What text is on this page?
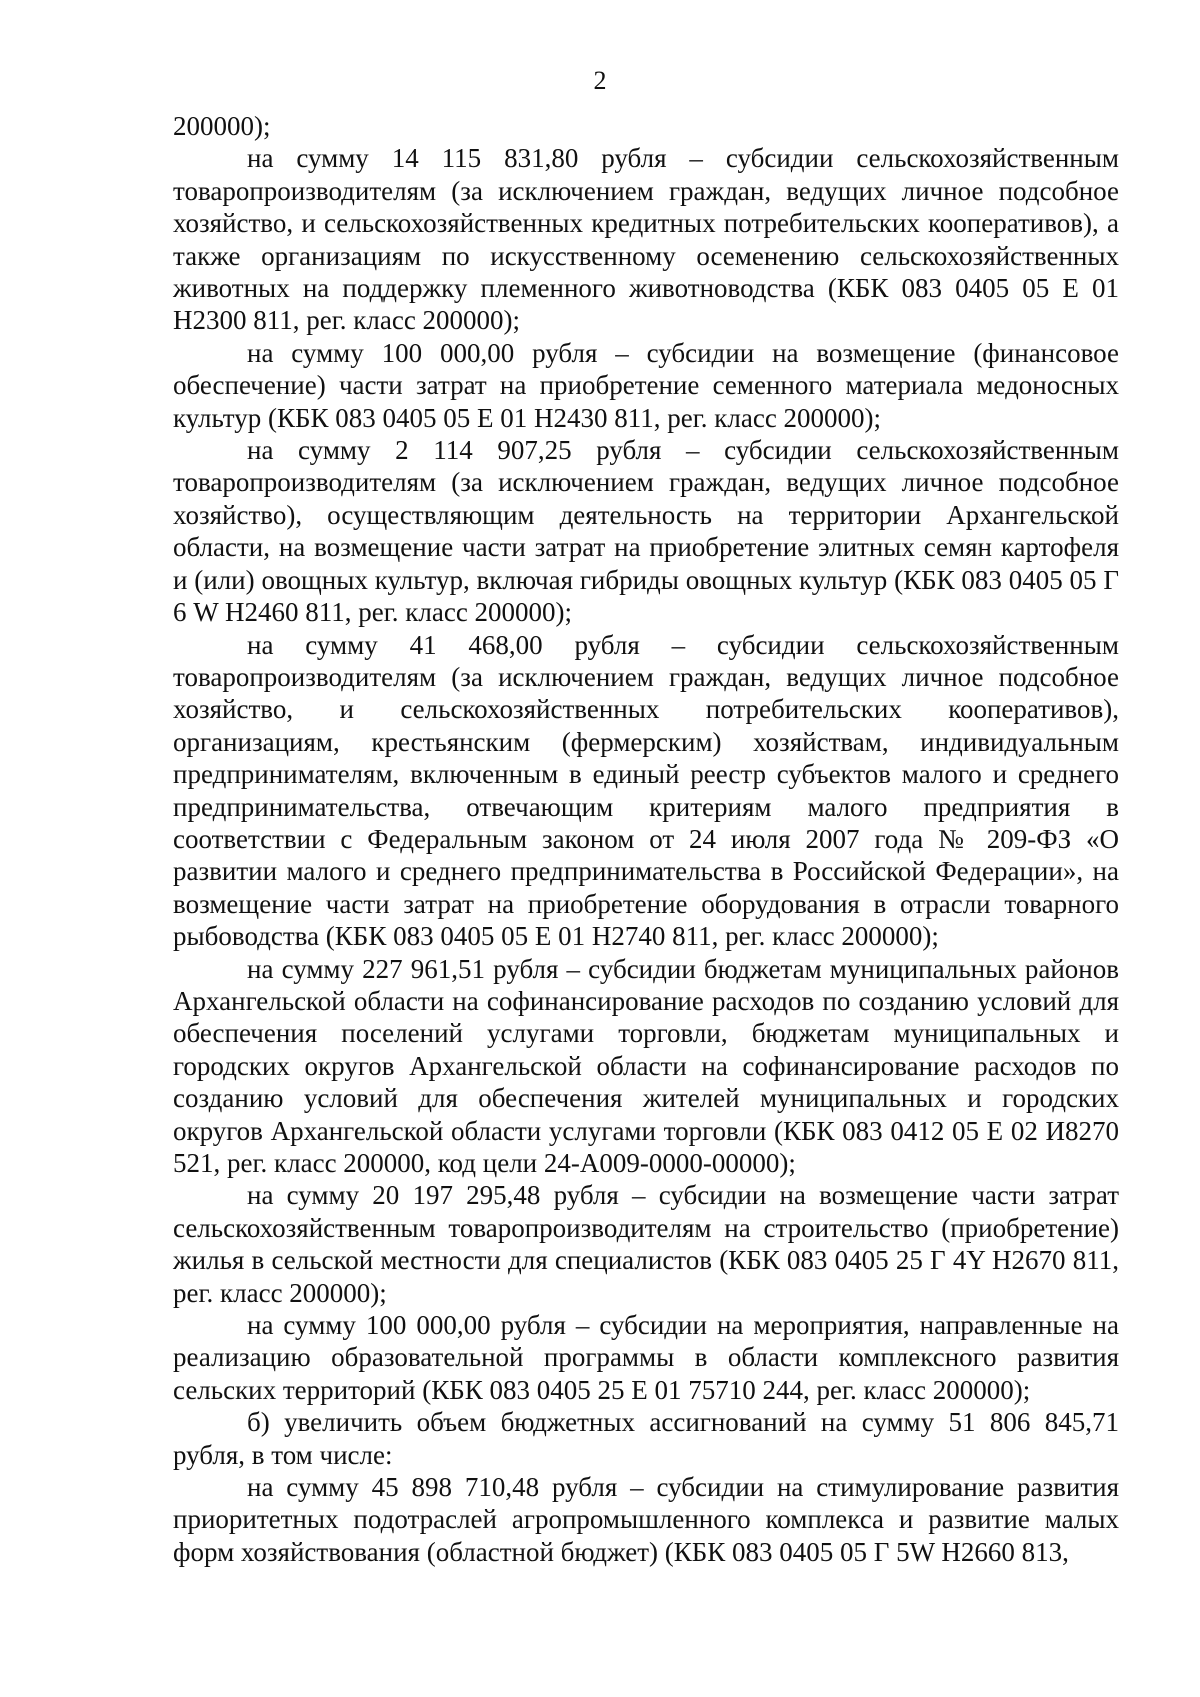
2

200000);

на сумму 14 115 831,80 рубля – субсидии сельскохозяйственным товаропроизводителям (за исключением граждан, ведущих личное подсобное хозяйство, и сельскохозяйственных кредитных потребительских кооперативов), а также организациям по искусственному осеменению сельскохозяйственных животных на поддержку племенного животноводства (КБК 083 0405 05 Е 01 Н2300 811, рег. класс 200000);

на сумму 100 000,00 рубля – субсидии на возмещение (финансовое обеспечение) части затрат на приобретение семенного материала медоносных культур (КБК 083 0405 05 Е 01 Н2430 811, рег. класс 200000);

на сумму 2 114 907,25 рубля – субсидии сельскохозяйственным товаропроизводителям (за исключением граждан, ведущих личное подсобное хозяйство), осуществляющим деятельность на территории Архангельской области, на возмещение части затрат на приобретение элитных семян картофеля и (или) овощных культур, включая гибриды овощных культур (КБК 083 0405 05 Г 6 W Н2460 811, рег. класс 200000);

на сумму 41 468,00 рубля – субсидии сельскохозяйственным товаропроизводителям (за исключением граждан, ведущих личное подсобное хозяйство, и сельскохозяйственных потребительских кооперативов), организациям, крестьянским (фермерским) хозяйствам, индивидуальным предпринимателям, включенным в единый реестр субъектов малого и среднего предпринимательства, отвечающим критериям малого предприятия в соответствии с Федеральным законом от 24 июля 2007 года № 209-ФЗ «О развитии малого и среднего предпринимательства в Российской Федерации», на возмещение части затрат на приобретение оборудования в отрасли товарного рыбоводства (КБК 083 0405 05 Е 01 Н2740 811, рег. класс 200000);

на сумму 227 961,51 рубля – субсидии бюджетам муниципальных районов Архангельской области на софинансирование расходов по созданию условий для обеспечения поселений услугами торговли, бюджетам муниципальных и городских округов Архангельской области на софинансирование расходов по созданию условий для обеспечения жителей муниципальных и городских округов Архангельской области услугами торговли (КБК 083 0412 05 Е 02 И8270 521, рег. класс 200000, код цели 24-А009-0000-00000);

на сумму 20 197 295,48 рубля – субсидии на возмещение части затрат сельскохозяйственным товаропроизводителям на строительство (приобретение) жилья в сельской местности для специалистов (КБК 083 0405 25 Г 4Y Н2670 811, рег. класс 200000);

на сумму 100 000,00 рубля – субсидии на мероприятия, направленные на реализацию образовательной программы в области комплексного развития сельских территорий (КБК 083 0405 25 Е 01 75710 244, рег. класс 200000);

б) увеличить объем бюджетных ассигнований на сумму 51 806 845,71 рубля, в том числе:

на сумму 45 898 710,48 рубля – субсидии на стимулирование развития приоритетных подотраслей агропромышленного комплекса и развитие малых форм хозяйствования (областной бюджет) (КБК 083 0405 05 Г 5W Н2660 813,
